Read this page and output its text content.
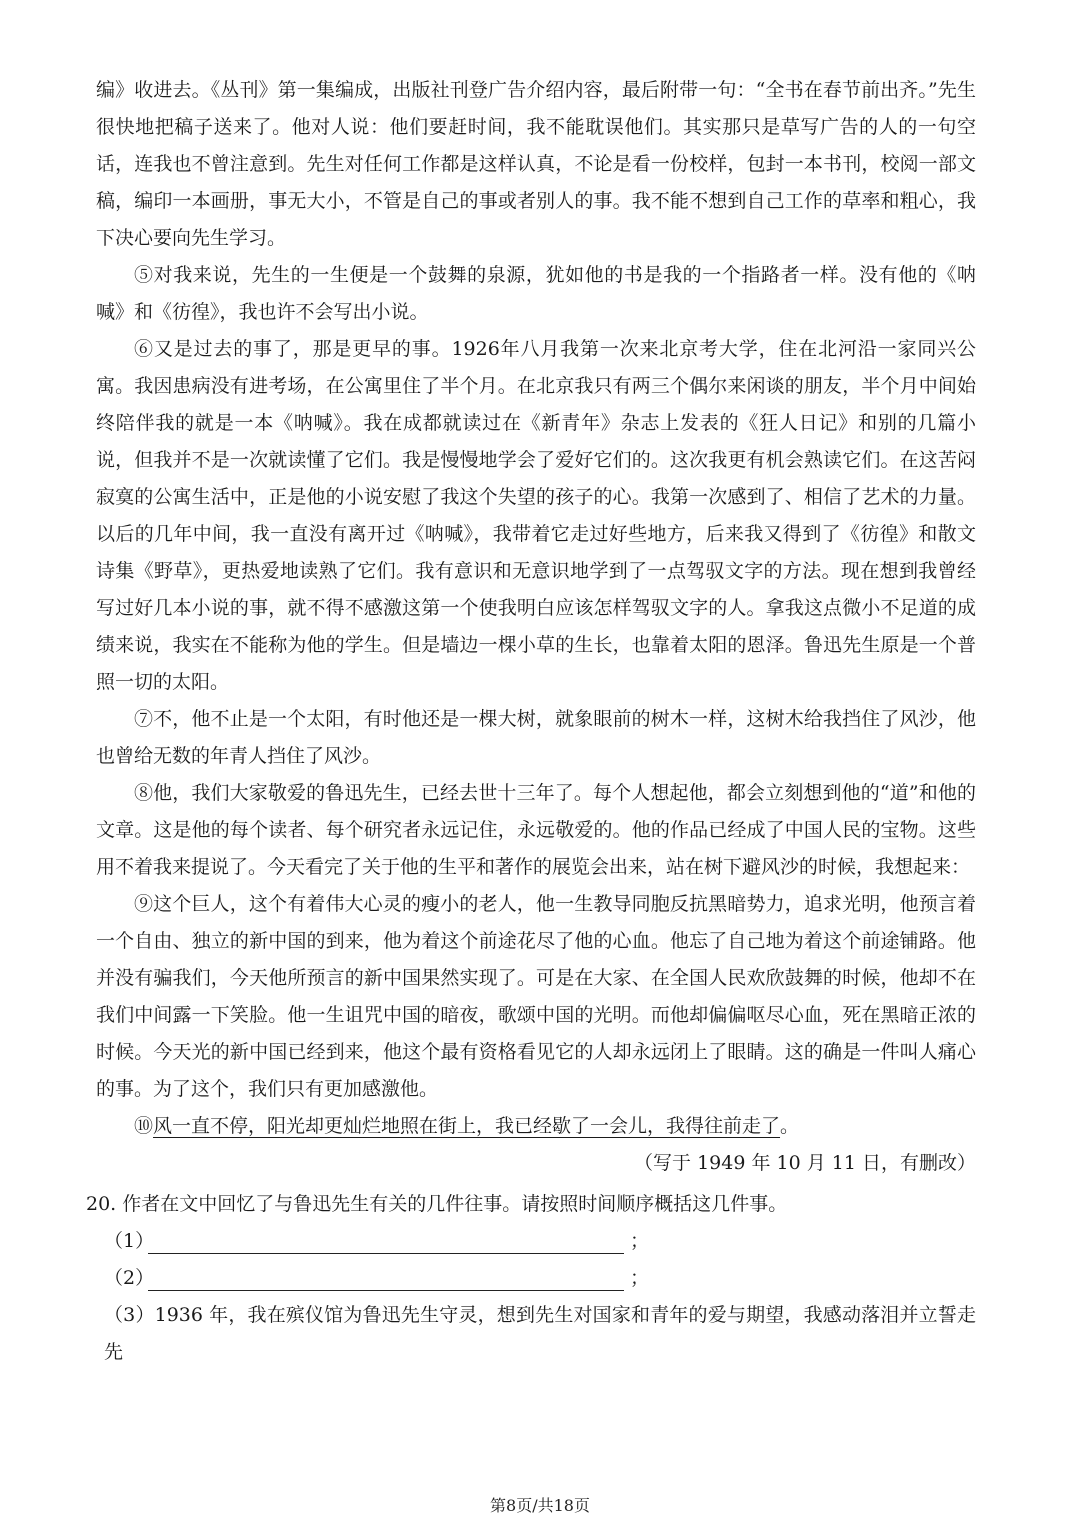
编》收进去。《丛刊》第一集编成，出版社刊登广告介绍内容，最后附带一句：“全书在春节前出齐。”先生很快地把稿子送来了。他对人说：他们要赶时间，我不能耽误他们。其实那只是草写广告的人的一句空话，连我也不曾注意到。先生对任何工作都是这样认真，不论是看一份校样，包封一本书刊，校阅一部文稿，编印一本画册，事无大小，不管是自己的事或者别人的事。我不能不想到自己工作的草率和粗心，我下决心要向先生学习。

⑤对我来说，先生的一生便是一个鼓舞的泉源，犹如他的书是我的一个指路者一样。没有他的《呐喊》和《彷徨》，我也许不会写出小说。

⑥又是过去的事了，那是更早的事。1926年八月我第一次来北京考大学，住在北河沿一家同兴公寓。我因患病没有进考场，在公寓里住了半个月。在北京我只有两三个偶尔来闲谈的朋友，半个月中间始终陪伴我的就是一本《呐喊》。我在成都就读过在《新青年》杂志上发表的《狂人日记》和别的几篇小说，但我并不是一次就读懂了它们。我是慢慢地学会了爱好它们的。这次我更有机会熟读它们。在这苦闷寂寞的公寓生活中，正是他的小说安慰了我这个失望的孩子的心。我第一次感到了、相信了艺术的力量。以后的几年中间，我一直没有离开过《呐喊》，我带着它走过好些地方，后来我又得到了《彷徨》和散文诗集《野草》，更热爱地读熟了它们。我有意识和无意识地学到了一点驾驭文字的方法。现在想到我曾经写过好几本小说的事，就不得不感激这第一个使我明白应该怎样驾驭文字的人。拿我这点微小不足道的成绩来说，我实在不能称为他的学生。但是墙边一棵小草的生长，也靠着太阳的恩泽。鲁迅先生原是一个普照一切的太阳。

⑦不，他不止是一个太阳，有时他还是一棵大树，就象眼前的树木一样，这树木给我挡住了风沙，他也曾给无数的年青人挡住了风沙。

⑧他，我们大家敬爱的鲁迅先生，已经去世十三年了。每个人想起他，都会立刻想到他的“道”和他的文章。这是他的每个读者、每个研究者永远记住，永远敬爱的。他的作品已经成了中国人民的宝物。这些用不着我来提说了。今天看完了关于他的生平和著作的展览会出来，站在树下避风沙的时候，我想起来：

⑨这个巨人，这个有着伟大心灵的瘦小的老人，他一生教导同胞反抗黑暗势力，追求光明，他预言着一个自由、独立的新中国的到来，他为着这个前途花尽了他的心血。他忘了自己地为着这个前途铺路。他并没有骗我们，今天他所预言的新中国果然实现了。可是在大家、在全国人民欢欣鼓舞的时候，他却不在我们中间露一下笑脸。他一生诅咒中国的暗夜，歌颂中国的光明。而他却偏偏呕尽心血，死在黑暗正浓的时候。今天光的新中国已经到来，他这个最有资格看见它的人却永远闭上了眼睛。这的确是一件叫人痛心的事。为了这个，我们只有更加感激他。

⑩风一直不停，阳光却更灿烂地照在街上，我已经歇了一会儿，我得往前走了。

（写于 1949 年 10 月 11 日，有删改）

20. 作者在文中回忆了与鲁迅先生有关的几件往事。请按照时间顺序概括这几件事。

（1）	；
（2）	；

（3）1936 年，我在殡仪馆为鲁迅先生守灵，想到先生对国家和青年的爱与期望，我感动落泪并立誓走先

第8页/共18页
